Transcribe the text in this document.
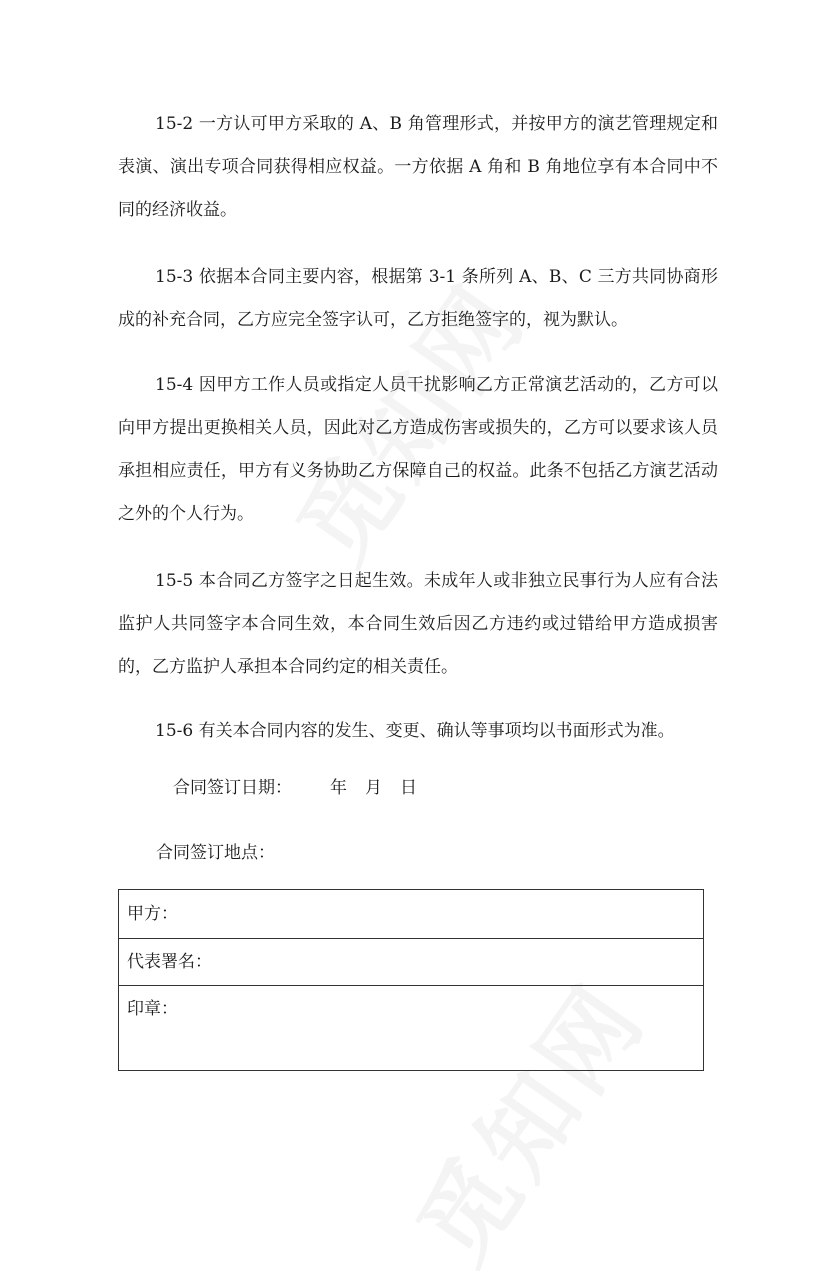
15-2 一方认可甲方采取的 A、B 角管理形式，并按甲方的演艺管理规定和表演、演出专项合同获得相应权益。一方依据 A 角和 B 角地位享有本合同中不同的经济收益。

15-3 依据本合同主要内容，根据第 3-1 条所列 A、B、C 三方共同协商形成的补充合同，乙方应完全签字认可，乙方拒绝签字的，视为默认。

15-4 因甲方工作人员或指定人员干扰影响乙方正常演艺活动的，乙方可以向甲方提出更换相关人员，因此对乙方造成伤害或损失的，乙方可以要求该人员承担相应责任，甲方有义务协助乙方保障自己的权益。此条不包括乙方演艺活动之外的个人行为。

15-5 本合同乙方签字之日起生效。未成年人或非独立民事行为人应有合法监护人共同签字本合同生效，本合同生效后因乙方违约或过错给甲方造成损害的，乙方监护人承担本合同约定的相关责任。

15-6 有关本合同内容的发生、变更、确认等事项均以书面形式为准。

合同签订日期： 年 月 日

合同签订地点：

甲方：
代表署名：
印章：
